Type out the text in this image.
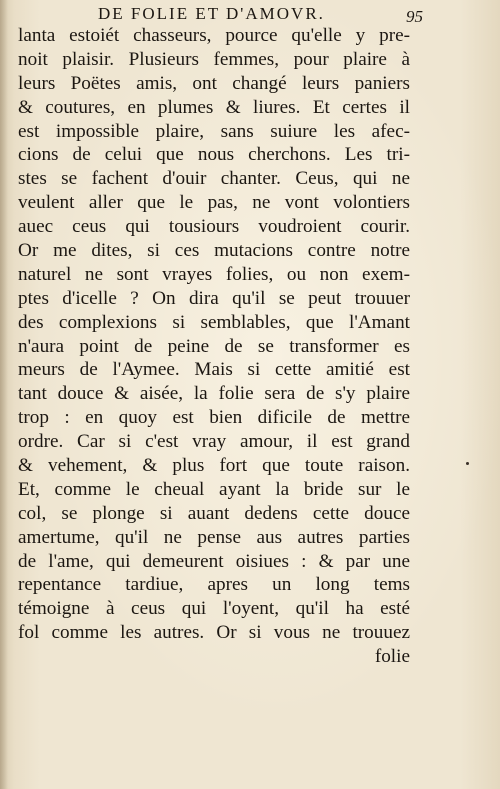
DE FOLIE ET D'AMOVR.	95
lanta estoiét chasseurs, pource qu'elle y pre-
noit plaisir. Plusieurs femmes, pour plaire à
leurs Poëtes amis, ont changé leurs paniers
& coutures, en plumes & liures. Et certes il
est impossible plaire, sans suiure les afec-
cions de celui que nous cherchons. Les tri-
stes se fachent d'ouir chanter. Ceus, qui ne
veulent aller que le pas, ne vont volontiers
auec ceus qui tousiours voudroient courir.
Or me dites, si ces mutacions contre notre
naturel ne sont vrayes folies, ou non exem-
ptes d'icelle ? On dira qu'il se peut trouuer
des complexions si semblables, que l'Amant
n'aura point de peine de se transformer es
meurs de l'Aymee. Mais si cette amitié est
tant douce & aisée, la folie sera de s'y plaire
trop : en quoy est bien dificile de mettre
ordre. Car si c'est vray amour, il est grand
& vehement, & plus fort que toute raison.
Et, comme le cheual ayant la bride sur le
col, se plonge si auant dedens cette douce
amertume, qu'il ne pense aus autres parties
de l'ame, qui demeurent oisiues : & par une
repentance tardiue, apres un long tems
témoigne à ceus qui l'oyent, qu'il ha esté
fol comme les autres. Or si vous ne trouuez
folie
